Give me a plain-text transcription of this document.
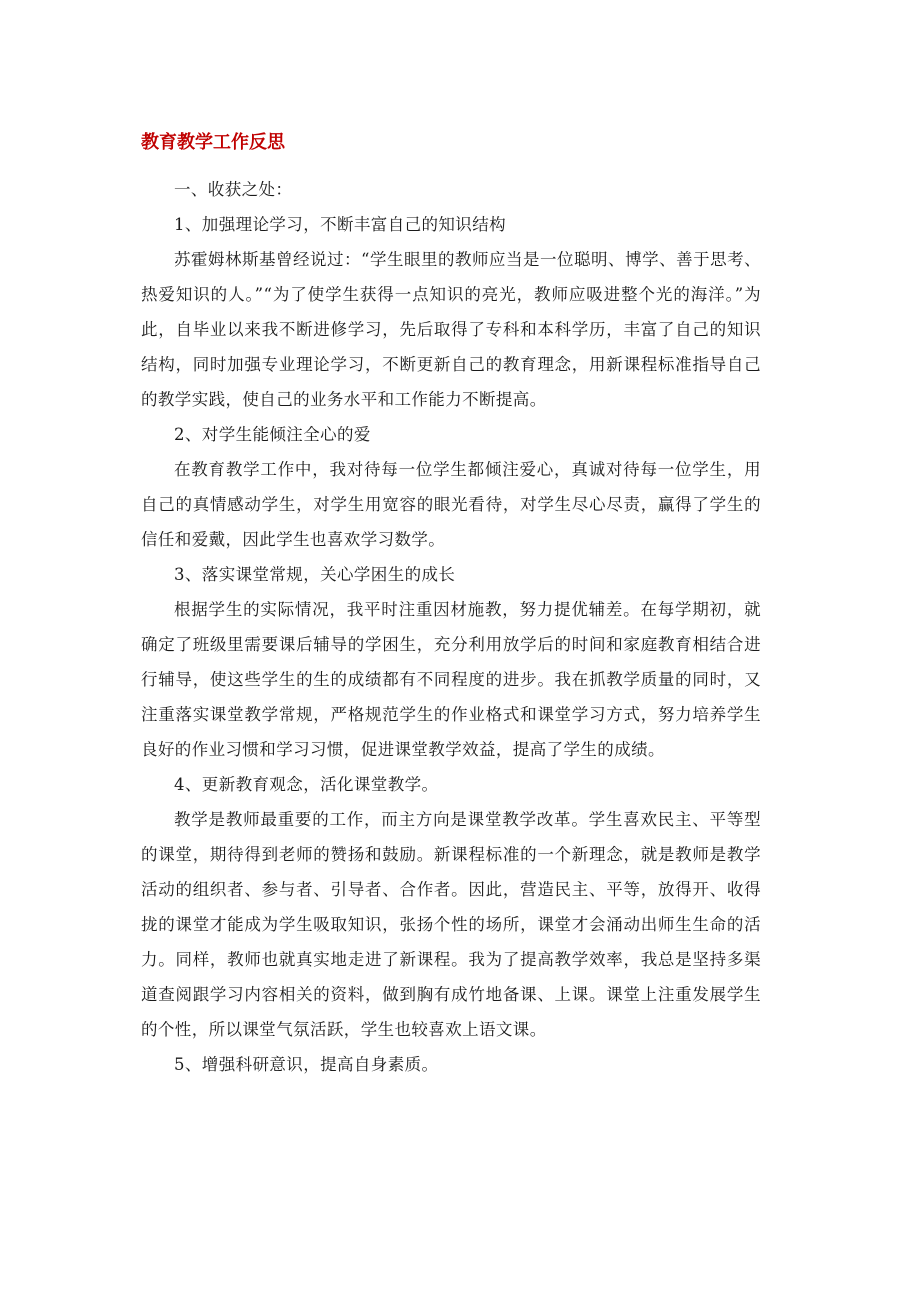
教育教学工作反思

一、收获之处：

1、加强理论学习，不断丰富自己的知识结构

苏霍姆林斯基曾经说过：“学生眼里的教师应当是一位聪明、博学、善于思考、热爱知识的人。”“为了使学生获得一点知识的亮光，教师应吸进整个光的海洋。”为此，自毕业以来我不断进修学习，先后取得了专科和本科学历，丰富了自己的知识结构，同时加强专业理论学习，不断更新自己的教育理念，用新课程标准指导自己的教学实践，使自己的业务水平和工作能力不断提高。

2、对学生能倾注全心的爱

在教育教学工作中，我对待每一位学生都倾注爱心，真诚对待每一位学生，用自己的真情感动学生，对学生用宽容的眼光看待，对学生尽心尽责，赢得了学生的信任和爱戴，因此学生也喜欢学习数学。

3、落实课堂常规，关心学困生的成长

根据学生的实际情况，我平时注重因材施教，努力提优辅差。在每学期初，就确定了班级里需要课后辅导的学困生，充分利用放学后的时间和家庭教育相结合进行辅导，使这些学生的生的成绩都有不同程度的进步。我在抓教学质量的同时，又注重落实课堂教学常规，严格规范学生的作业格式和课堂学习方式，努力培养学生良好的作业习惯和学习习惯，促进课堂教学效益，提高了学生的成绩。

4、更新教育观念，活化课堂教学。

教学是教师最重要的工作，而主方向是课堂教学改革。学生喜欢民主、平等型的课堂，期待得到老师的赞扬和鼓励。新课程标准的一个新理念，就是教师是教学活动的组织者、参与者、引导者、合作者。因此，营造民主、平等，放得开、收得拢的课堂才能成为学生吸取知识，张扬个性的场所，课堂才会涌动出师生生命的活力。同样，教师也就真实地走进了新课程。我为了提高教学效率，我总是坚持多渠道查阅跟学习内容相关的资料，做到胸有成竹地备课、上课。课堂上注重发展学生的个性，所以课堂气氛活跃，学生也较喜欢上语文课。

5、增强科研意识，提高自身素质。
